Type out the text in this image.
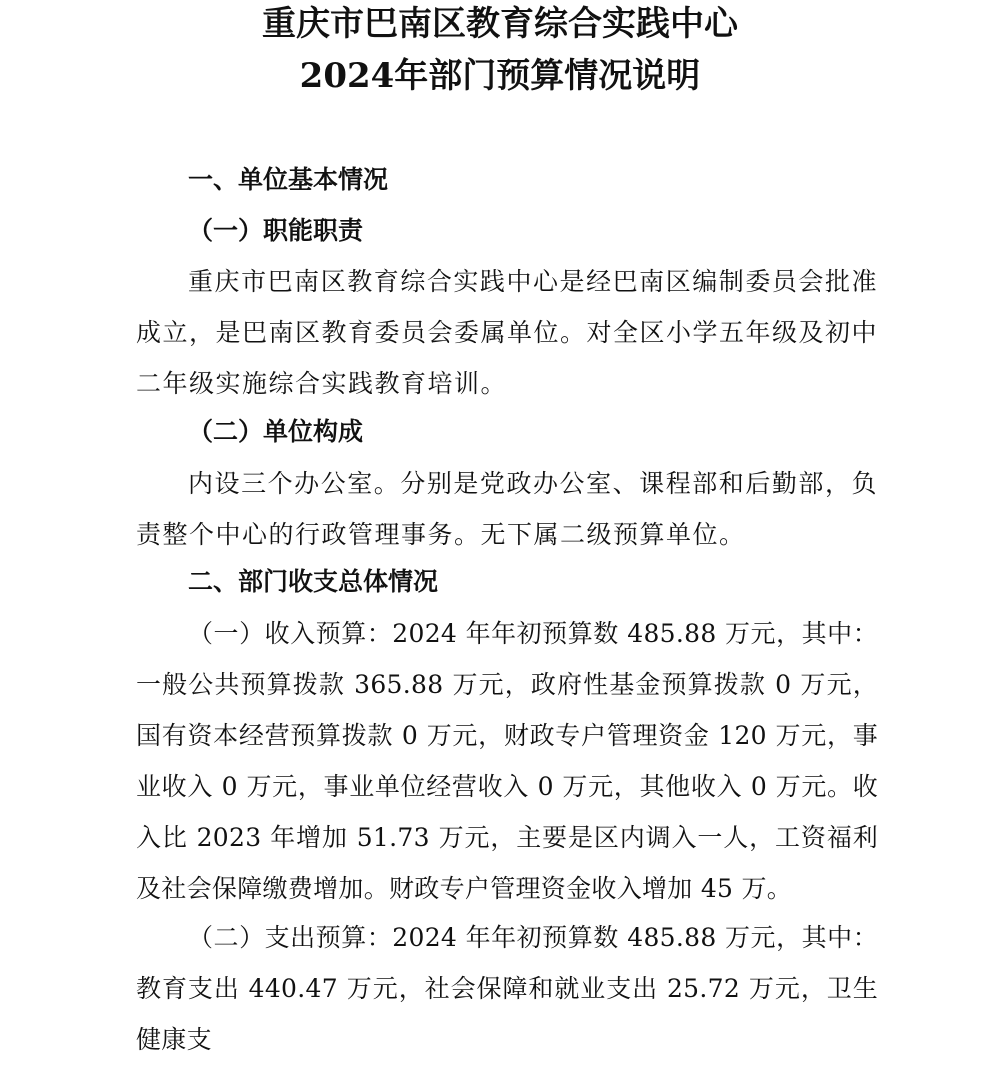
重庆市巴南区教育综合实践中心
2024年部门预算情况说明
一、单位基本情况
（一）职能职责

重庆市巴南区教育综合实践中心是经巴南区编制委员会批准成立，是巴南区教育委员会委属单位。对全区小学五年级及初中二年级实施综合实践教育培训。

（二）单位构成

内设三个办公室。分别是党政办公室、课程部和后勤部，负责整个中心的行政管理事务。无下属二级预算单位。

二、部门收支总体情况

（一）收入预算：2024 年年初预算数 485.88 万元，其中：一般公共预算拨款 365.88 万元，政府性基金预算拨款 0 万元，国有资本经营预算拨款 0 万元，财政专户管理资金 120 万元，事业收入 0 万元，事业单位经营收入 0 万元，其他收入 0 万元。收入比 2023 年增加 51.73 万元，主要是区内调入一人，工资福利及社会保障缴费增加。财政专户管理资金收入增加 45 万。

（二）支出预算：2024 年年初预算数 485.88 万元，其中：教育支出 440.47 万元，社会保障和就业支出 25.72 万元，卫生健康支
